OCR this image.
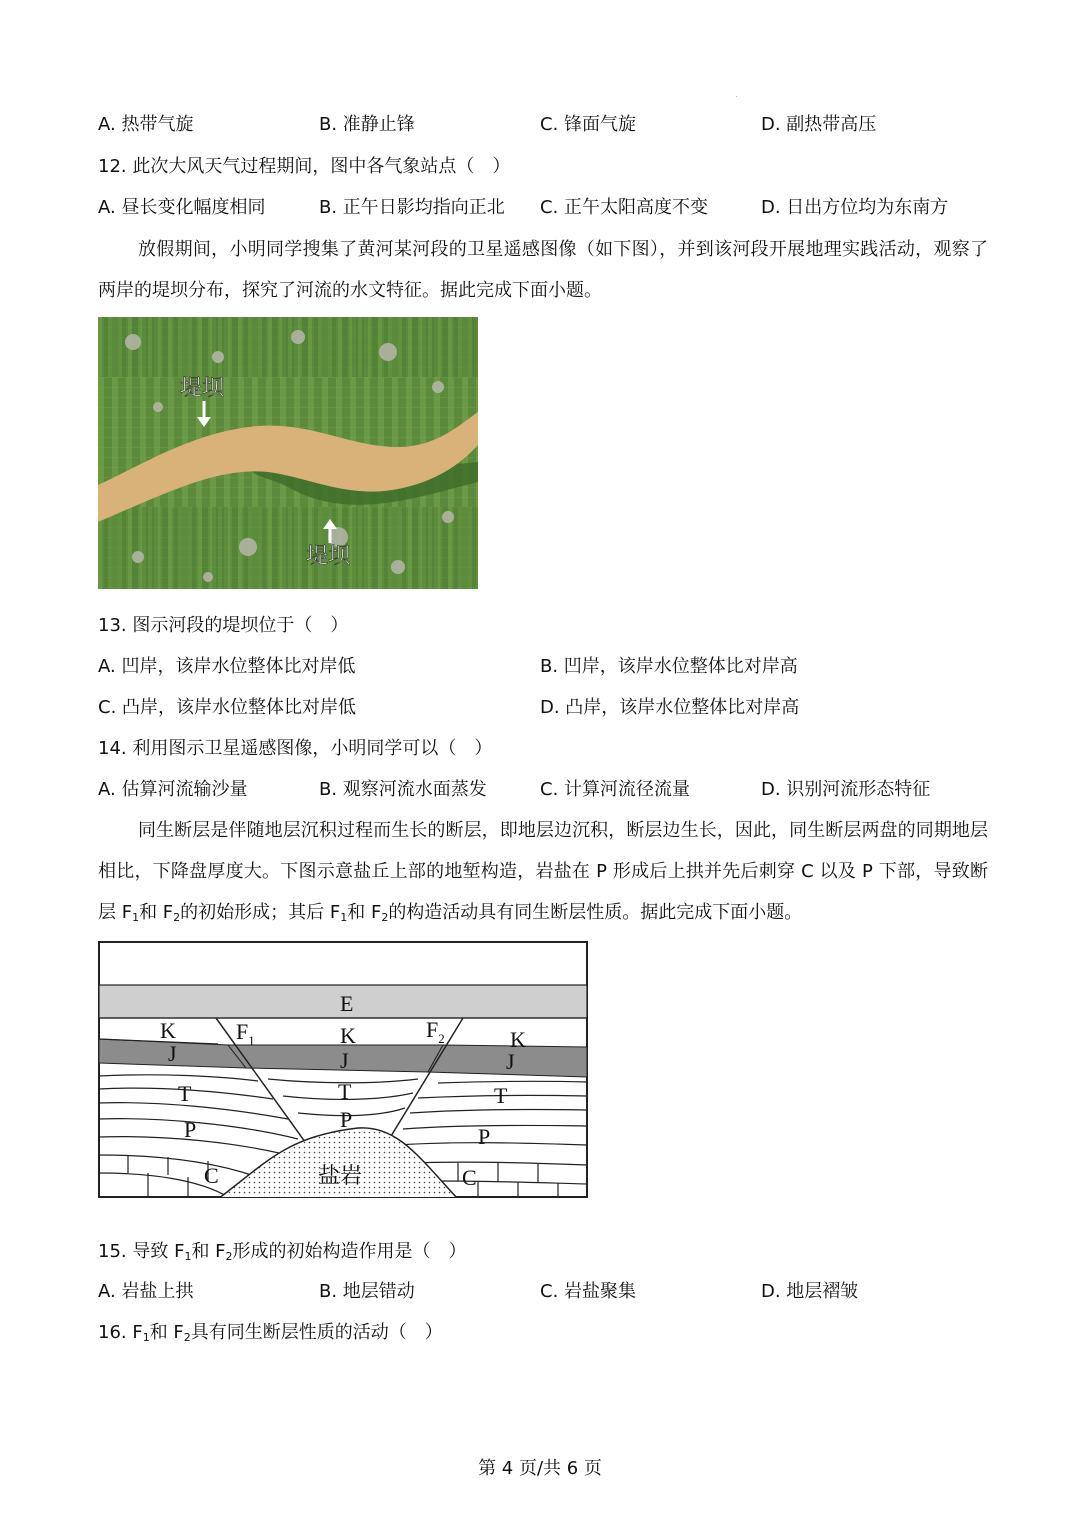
.
A. 热带气旋	B. 准静止锋	C. 锋面气旋	D. 副热带高压
12. 此次大风天气过程期间，图中各气象站点（　）
A. 昼长变化幅度相同	B. 正午日影均指向正北 C. 正午太阳高度不变	D. 日出方位均为东南方
放假期间，小明同学搜集了黄河某河段的卫星遥感图像（如下图），并到该河段开展地理实践活动，观察了两岸的堤坝分布，探究了河流的水文特征。据此完成下面小题。
堤坝
堤坝
13. 图示河段的堤坝位于（　）
A. 凹岸，该岸水位整体比对岸低	B. 凹岸，该岸水位整体比对岸高
C. 凸岸，该岸水位整体比对岸低	D. 凸岸，该岸水位整体比对岸高
14. 利用图示卫星遥感图像，小明同学可以（　）
A. 估算河流输沙量	B. 观察河流水面蒸发	C. 计算河流径流量	D. 识别河流形态特征
同生断层是伴随地层沉积过程而生长的断层，即地层边沉积，断层边生长，因此，同生断层两盘的同期地层相比，下降盘厚度大。下图示意盐丘上部的地堑构造，岩盐在 P 形成后上拱并先后刺穿 C 以及 P 下部，导致断层 $F_1$和 $F_2$的初始形成；其后 $F_1$和 $F_2$的构造活动具有同生断层性质。据此完成下面小题。
E
K	K	K
J	J	J
T	T	T
P	P
P
C	C
$F_1$	$F_2$
盐岩
15. 导致 $F_1$和 $F_2$形成的初始构造作用是（　）
A. 岩盐上拱	B. 地层错动	C. 岩盐聚集	D. 地层褶皱
16. $F_1$和 $F_2$具有同生断层性质的活动（　）
第 4 页/共 6 页
